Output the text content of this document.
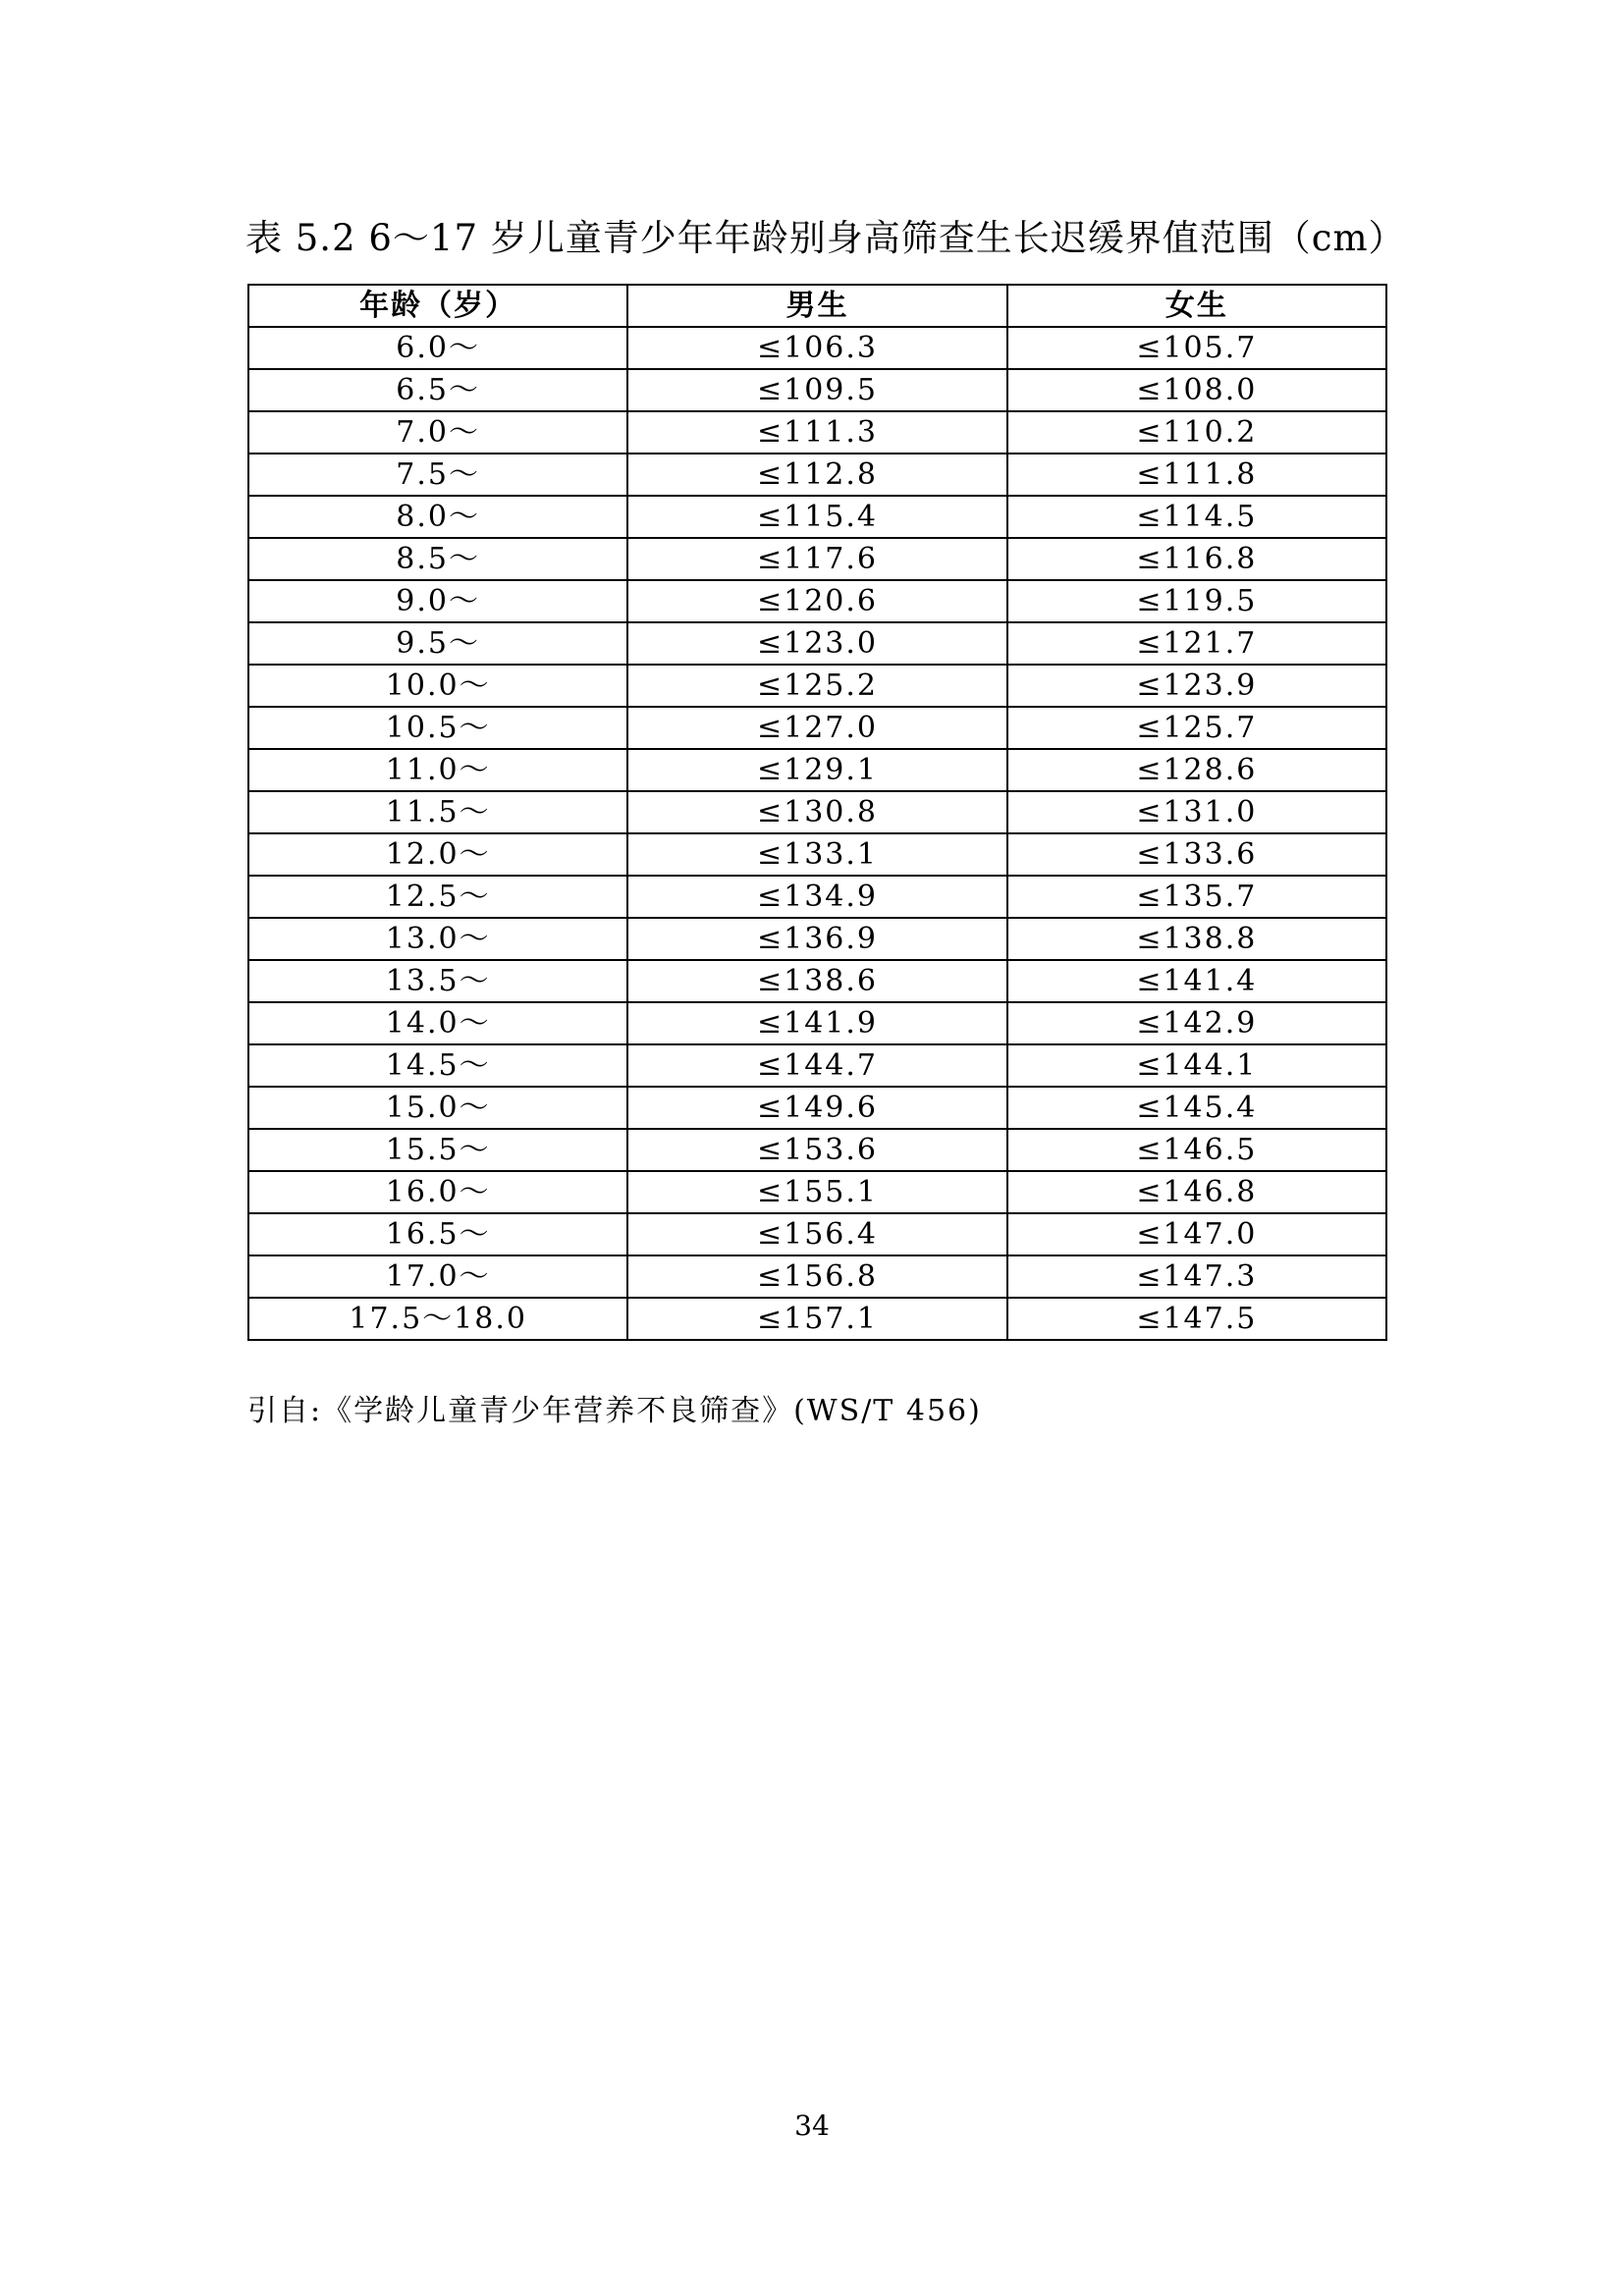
表 5.2 6～17 岁儿童青少年年龄别身高筛查生长迟缓界值范围（cm）
年龄（岁）	男生	女生
6.0～	≤106.3	≤105.7
6.5～	≤109.5	≤108.0
7.0～	≤111.3	≤110.2
7.5～	≤112.8	≤111.8
8.0～	≤115.4	≤114.5
8.5～	≤117.6	≤116.8
9.0～	≤120.6	≤119.5
9.5～	≤123.0	≤121.7
10.0～	≤125.2	≤123.9
10.5～	≤127.0	≤125.7
11.0～	≤129.1	≤128.6
11.5～	≤130.8	≤131.0
12.0～	≤133.1	≤133.6
12.5～	≤134.9	≤135.7
13.0～	≤136.9	≤138.8
13.5～	≤138.6	≤141.4
14.0～	≤141.9	≤142.9
14.5～	≤144.7	≤144.1
15.0～	≤149.6	≤145.4
15.5～	≤153.6	≤146.5
16.0～	≤155.1	≤146.8
16.5～	≤156.4	≤147.0
17.0～	≤156.8	≤147.3
17.5～18.0	≤157.1	≤147.5
引自:《学龄儿童青少年营养不良筛查》(WS/T 456)
34
